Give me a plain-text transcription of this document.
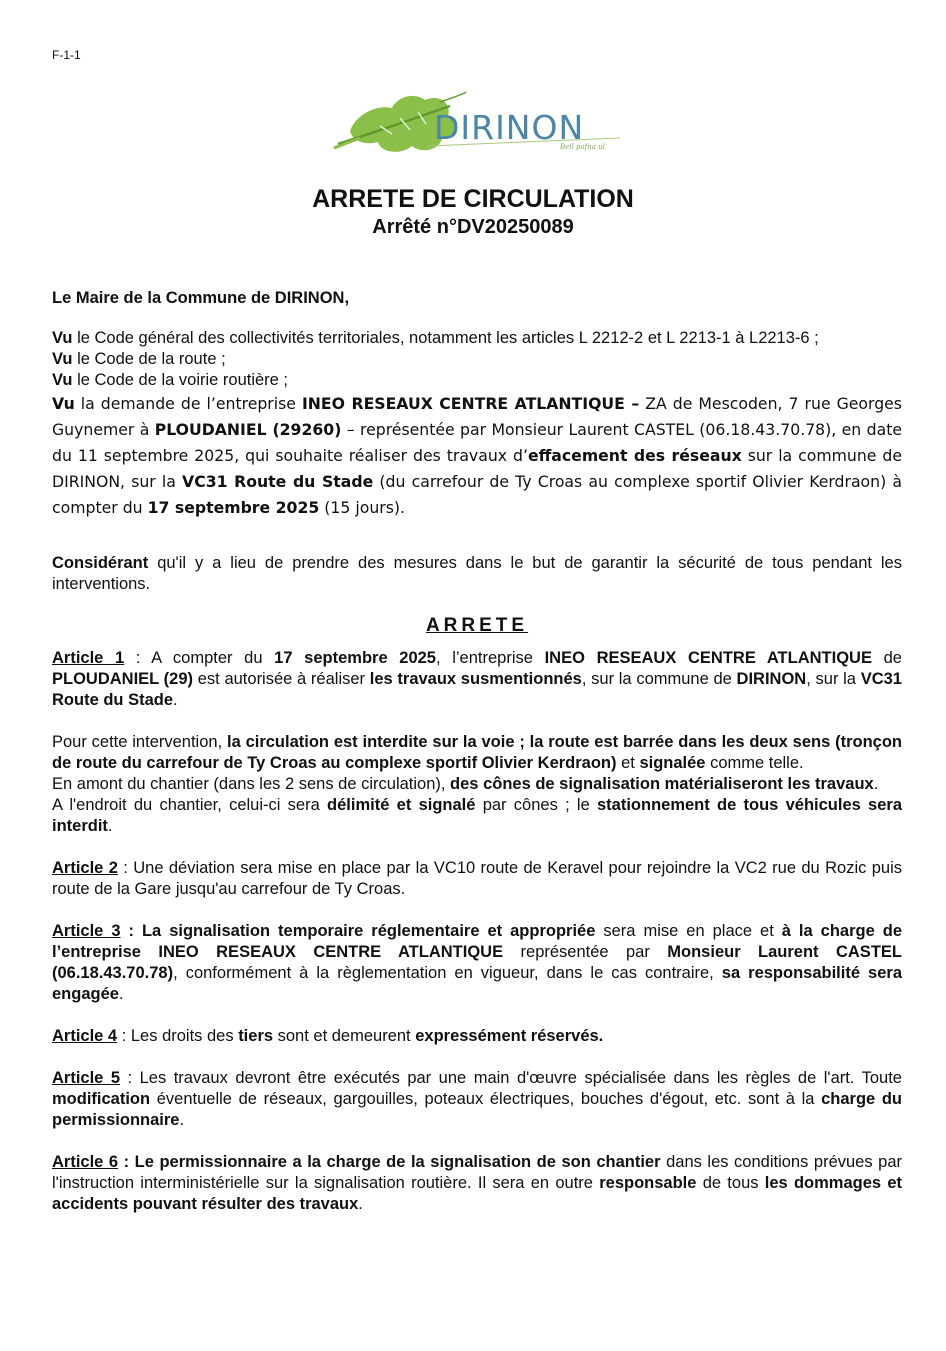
F-1-1
DIRINON
Bell pafna ul
ARRETE DE CIRCULATION
Arrêté n°DV20250089

Le Maire de la Commune de DIRINON,

Vu le Code général des collectivités territoriales, notamment les articles L 2212-2 et L 2213-1 à L2213-6 ;

Vu le Code de la route ;

Vu le Code de la voirie routière ;

Vu la demande de l’entreprise INEO RESEAUX CENTRE ATLANTIQUE – ZA de Mescoden, 7 rue Georges Guynemer à PLOUDANIEL (29260) – représentée par Monsieur Laurent CASTEL (06.18.43.70.78), en date du 11 septembre 2025, qui souhaite réaliser des travaux d’effacement des réseaux sur la commune de DIRINON, sur la VC31 Route du Stade (du carrefour de Ty Croas au complexe sportif Olivier Kerdraon) à compter du 17 septembre 2025 (15 jours).

Considérant qu'il y a lieu de prendre des mesures dans le but de garantir la sécurité de tous pendant les interventions.

ARRETE

Article 1 : A compter du 17 septembre 2025, l’entreprise INEO RESEAUX CENTRE ATLANTIQUE de PLOUDANIEL (29) est autorisée à réaliser les travaux susmentionnés, sur la commune de DIRINON, sur la VC31 Route du Stade.

Pour cette intervention, la circulation est interdite sur la voie ; la route est barrée dans les deux sens (tronçon de route du carrefour de Ty Croas au complexe sportif Olivier Kerdraon) et signalée comme telle.
En amont du chantier (dans les 2 sens de circulation), des cônes de signalisation matérialiseront les travaux.
A l'endroit du chantier, celui-ci sera délimité et signalé par cônes ; le stationnement de tous véhicules sera interdit.

Article 2 : Une déviation sera mise en place par la VC10 route de Keravel pour rejoindre la VC2 rue du Rozic puis route de la Gare jusqu'au carrefour de Ty Croas.

Article 3 : La signalisation temporaire réglementaire et appropriée sera mise en place et à la charge de l’entreprise INEO RESEAUX CENTRE ATLANTIQUE représentée par Monsieur Laurent CASTEL (06.18.43.70.78), conformément à la règlementation en vigueur, dans le cas contraire, sa responsabilité sera engagée.

Article 4 : Les droits des tiers sont et demeurent expressément réservés.

Article 5 : Les travaux devront être exécutés par une main d'œuvre spécialisée dans les règles de l'art. Toute modification éventuelle de réseaux, gargouilles, poteaux électriques, bouches d'égout, etc. sont à la charge du permissionnaire.

Article 6 : Le permissionnaire a la charge de la signalisation de son chantier dans les conditions prévues par l'instruction interministérielle sur la signalisation routière. Il sera en outre responsable de tous les dommages et accidents pouvant résulter des travaux.
